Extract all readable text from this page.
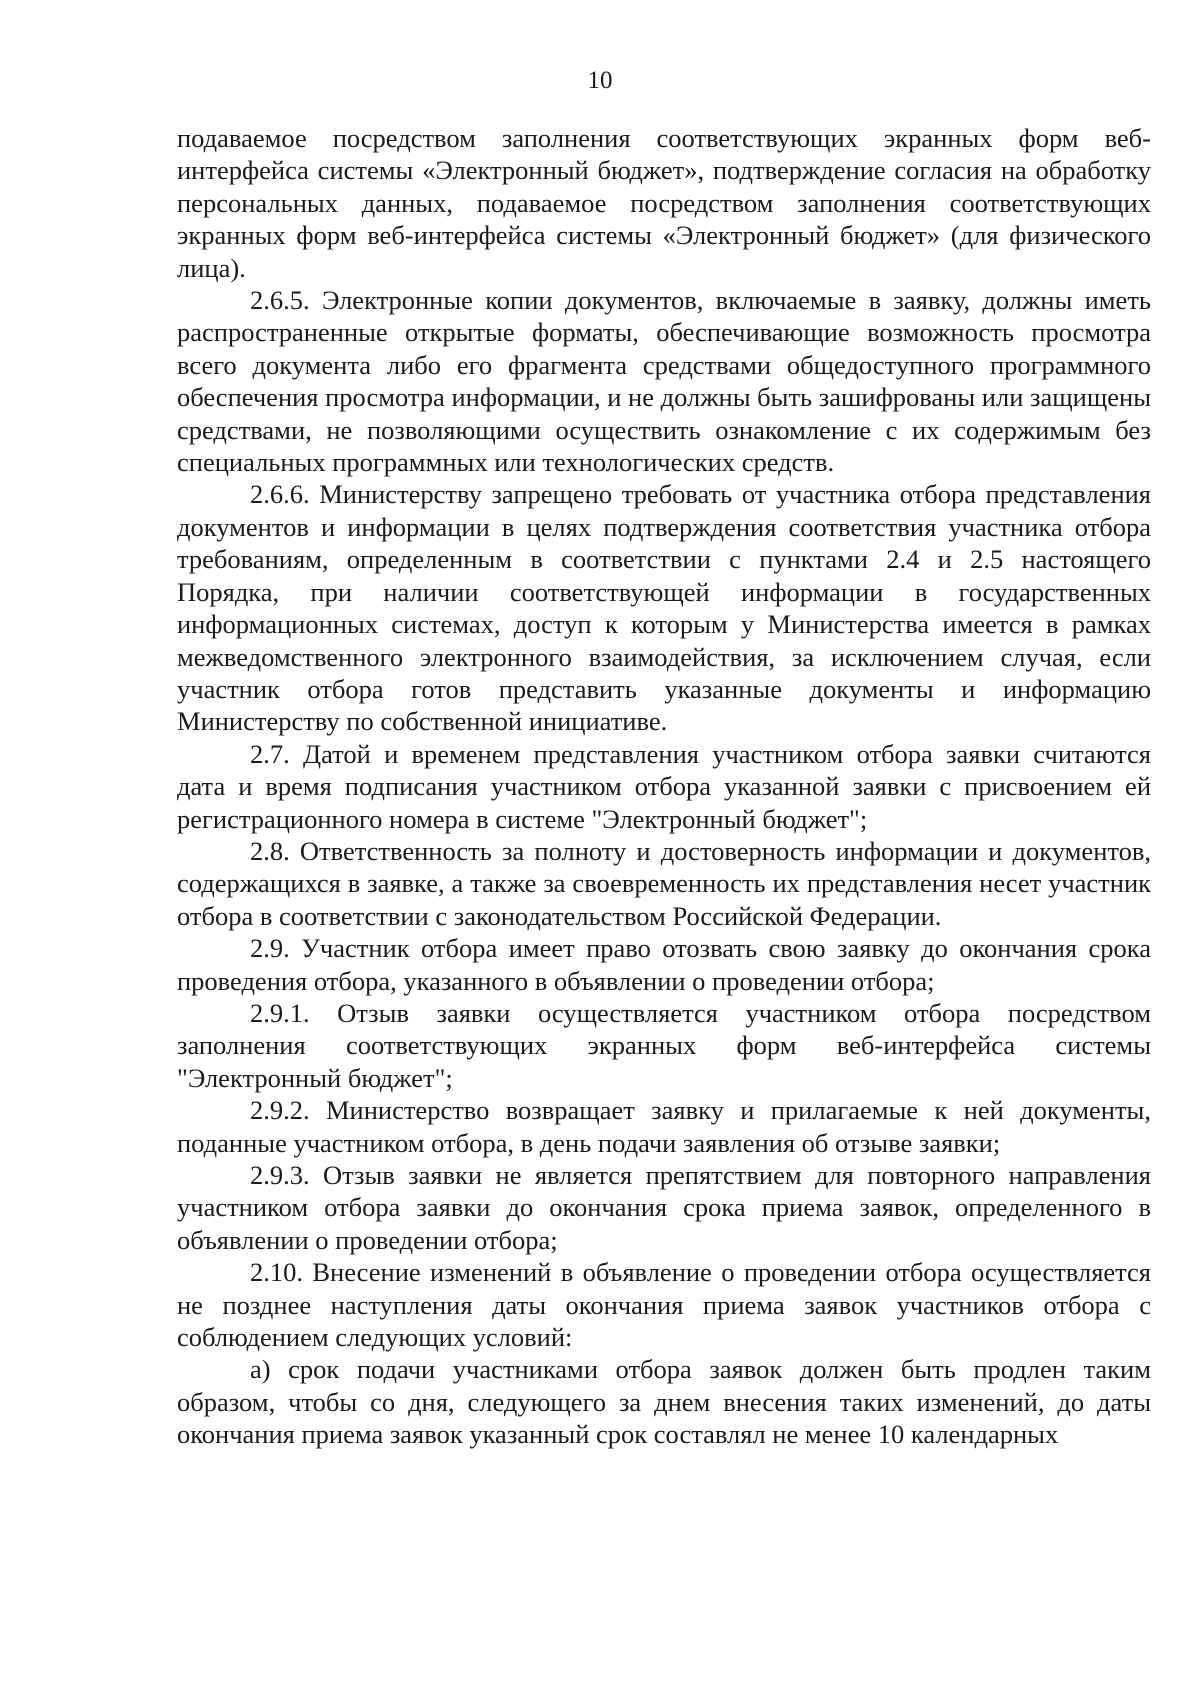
10

подаваемое посредством заполнения соответствующих экранных форм веб-интерфейса системы «Электронный бюджет», подтверждение согласия на обработку персональных данных, подаваемое посредством заполнения соответствующих экранных форм веб-интерфейса системы «Электронный бюджет» (для физического лица).

2.6.5. Электронные копии документов, включаемые в заявку, должны иметь распространенные открытые форматы, обеспечивающие возможность просмотра всего документа либо его фрагмента средствами общедоступного программного обеспечения просмотра информации, и не должны быть зашифрованы или защищены средствами, не позволяющими осуществить ознакомление с их содержимым без специальных программных или технологических средств.

2.6.6. Министерству запрещено требовать от участника отбора представления документов и информации в целях подтверждения соответствия участника отбора требованиям, определенным в соответствии с пунктами 2.4 и 2.5 настоящего Порядка, при наличии соответствующей информации в государственных информационных системах, доступ к которым у Министерства имеется в рамках межведомственного электронного взаимодействия, за исключением случая, если участник отбора готов представить указанные документы и информацию Министерству по собственной инициативе.

2.7. Датой и временем представления участником отбора заявки считаются дата и время подписания участником отбора указанной заявки с присвоением ей регистрационного номера в системе "Электронный бюджет";

2.8. Ответственность за полноту и достоверность информации и документов, содержащихся в заявке, а также за своевременность их представления несет участник отбора в соответствии с законодательством Российской Федерации.

2.9. Участник отбора имеет право отозвать свою заявку до окончания срока проведения отбора, указанного в объявлении о проведении отбора;

2.9.1. Отзыв заявки осуществляется участником отбора посредством заполнения соответствующих экранных форм веб-интерфейса системы "Электронный бюджет";

2.9.2. Министерство возвращает заявку и прилагаемые к ней документы, поданные участником отбора, в день подачи заявления об отзыве заявки;

2.9.3. Отзыв заявки не является препятствием для повторного направления участником отбора заявки до окончания срока приема заявок, определенного в объявлении о проведении отбора;

2.10. Внесение изменений в объявление о проведении отбора осуществляется не позднее наступления даты окончания приема заявок участников отбора с соблюдением следующих условий:

а) срок подачи участниками отбора заявок должен быть продлен таким образом, чтобы со дня, следующего за днем внесения таких изменений, до даты окончания приема заявок указанный срок составлял не менее 10 календарных
